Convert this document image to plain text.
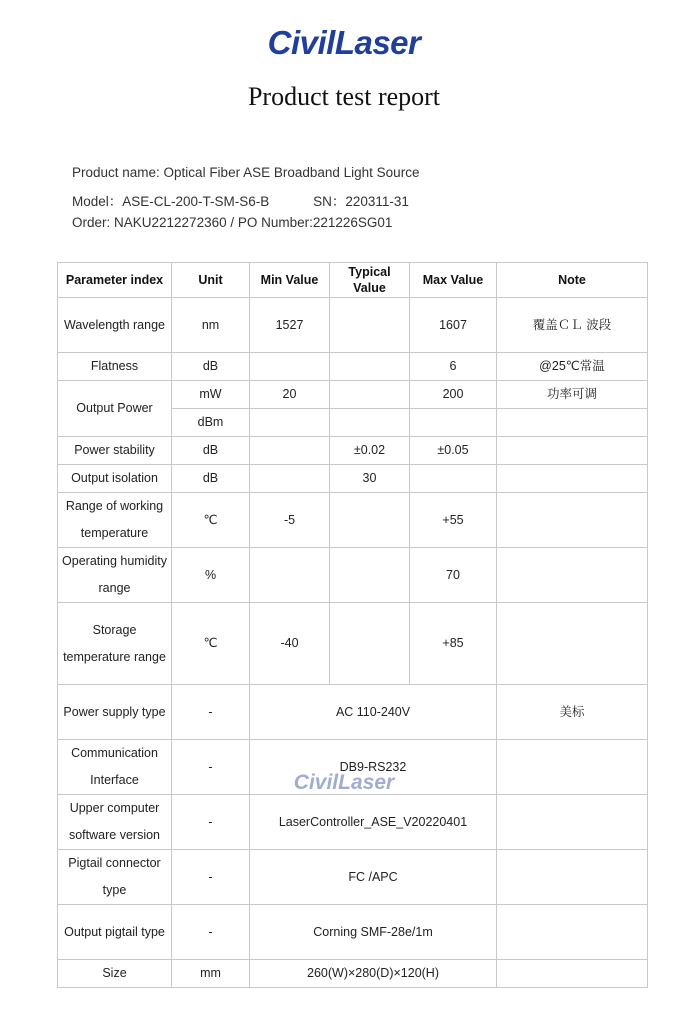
CivilLaser
Product test report
Product name: Optical Fiber ASE Broadband Light Source
Model：ASE-CL-200-T-SM-S6-B	SN：220311-31
Order: NAKU2212272360 / PO Number:221226SG01
Parameter index	Unit	Min Value	Typical Value	Max Value	Note
Wavelength range	nm	1527		1607	覆盖ＣＬ 波段
Flatness	dB			6	@25℃常温
Output Power	mW	20		200	功率可调
	dBm				
Power stability	dB		±0.02	±0.05	
Output isolation	dB		30		
Range of working temperature	℃	-5		+55	
Operating humidity range	%			70	
Storage temperature range	℃	-40		+85	
Power supply type	-	AC 110-240V			美标
Communication Interface	-	DB9-RS232			
Upper computer software version	-	LaserController_ASE_V20220401			
Pigtail connector type	-	FC /APC			
Output pigtail type	-	Corning SMF-28e/1m			
Size	mm	260(W)×280(D)×120(H)			
CivilLaser
